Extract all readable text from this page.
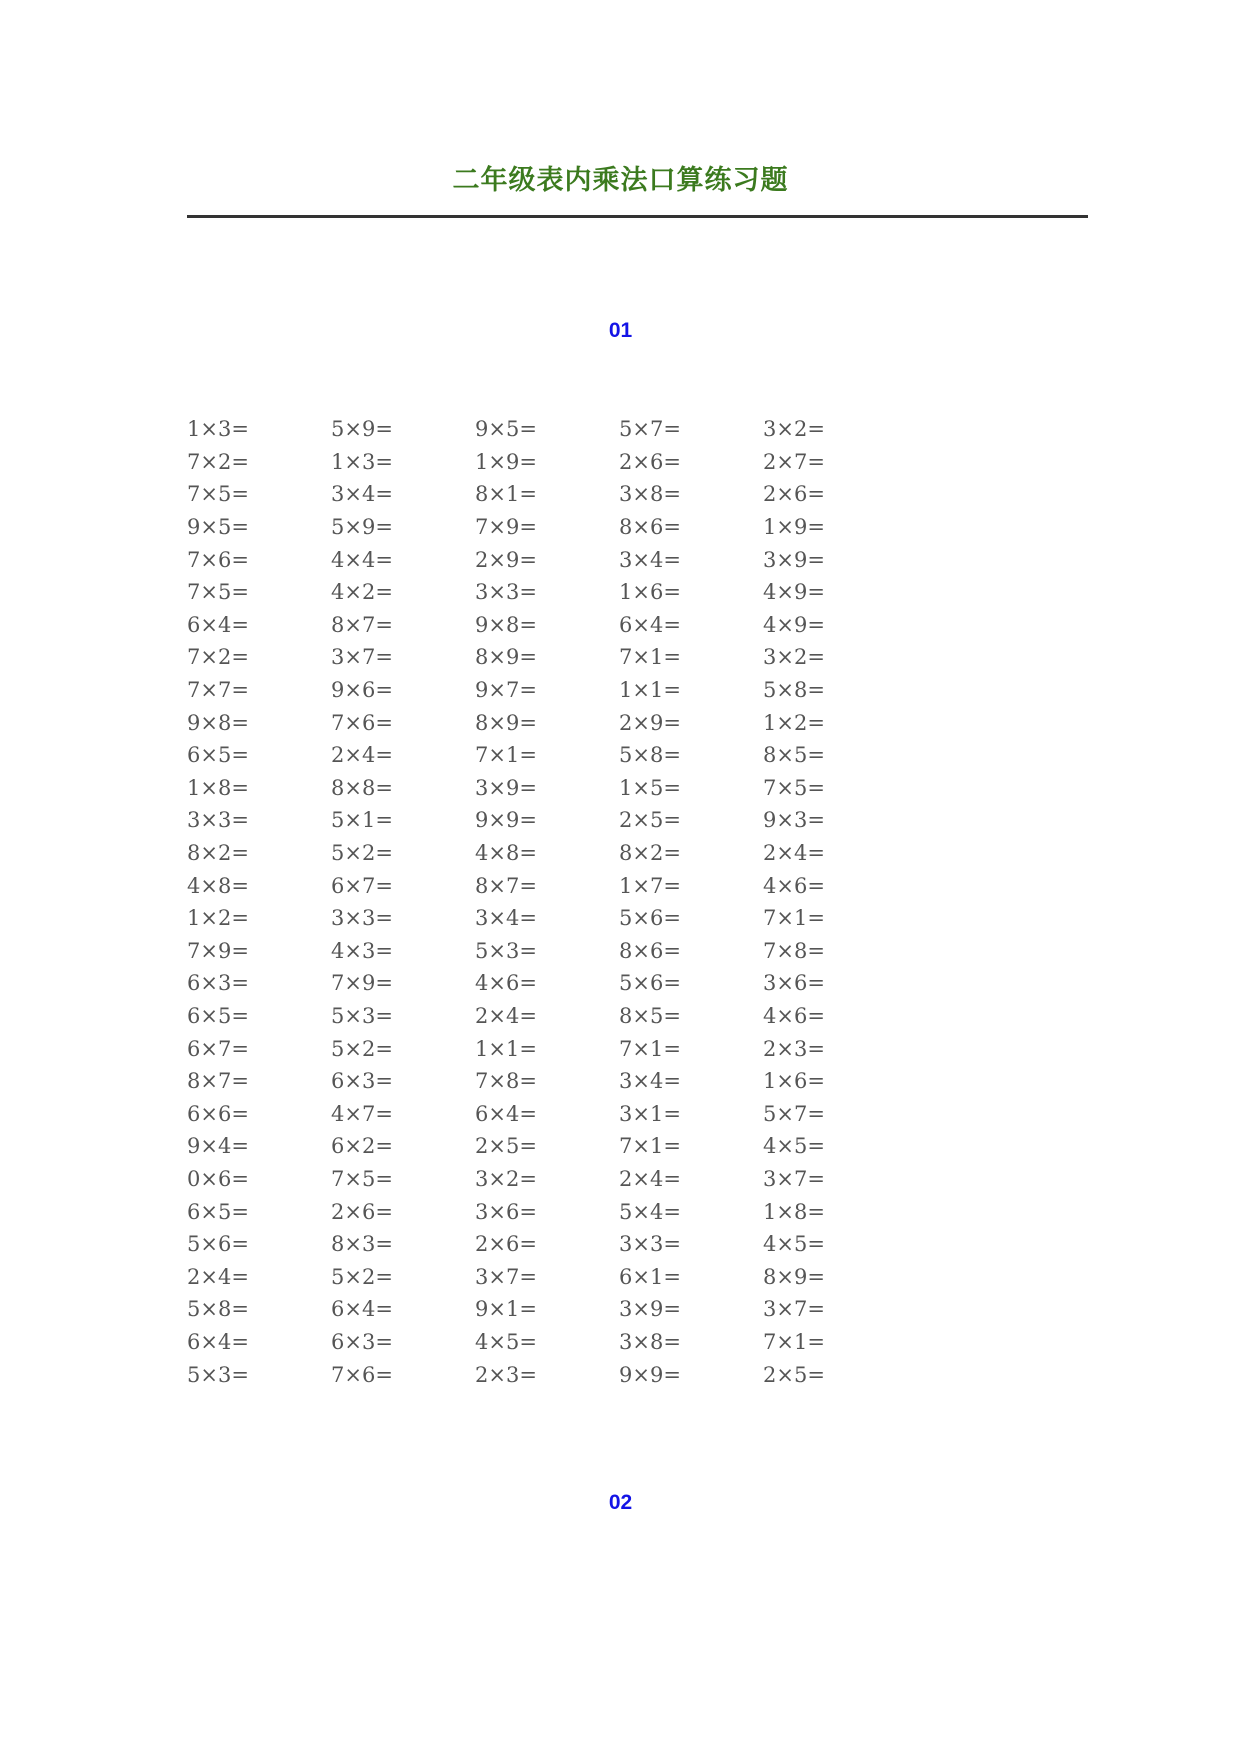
二年级表内乘法口算练习题
01
1×3=	5×9=	9×5=	5×7=	3×2=
7×2=	1×3=	1×9=	2×6=	2×7=
7×5=	3×4=	8×1=	3×8=	2×6=
9×5=	5×9=	7×9=	8×6=	1×9=
7×6=	4×4=	2×9=	3×4=	3×9=
7×5=	4×2=	3×3=	1×6=	4×9=
6×4=	8×7=	9×8=	6×4=	4×9=
7×2=	3×7=	8×9=	7×1=	3×2=
7×7=	9×6=	9×7=	1×1=	5×8=
9×8=	7×6=	8×9=	2×9=	1×2=
6×5=	2×4=	7×1=	5×8=	8×5=
1×8=	8×8=	3×9=	1×5=	7×5=
3×3=	5×1=	9×9=	2×5=	9×3=
8×2=	5×2=	4×8=	8×2=	2×4=
4×8=	6×7=	8×7=	1×7=	4×6=
1×2=	3×3=	3×4=	5×6=	7×1=
7×9=	4×3=	5×3=	8×6=	7×8=
6×3=	7×9=	4×6=	5×6=	3×6=
6×5=	5×3=	2×4=	8×5=	4×6=
6×7=	5×2=	1×1=	7×1=	2×3=
8×7=	6×3=	7×8=	3×4=	1×6=
6×6=	4×7=	6×4=	3×1=	5×7=
9×4=	6×2=	2×5=	7×1=	4×5=
0×6=	7×5=	3×2=	2×4=	3×7=
6×5=	2×6=	3×6=	5×4=	1×8=
5×6=	8×3=	2×6=	3×3=	4×5=
2×4=	5×2=	3×7=	6×1=	8×9=
5×8=	6×4=	9×1=	3×9=	3×7=
6×4=	6×3=	4×5=	3×8=	7×1=
5×3=	7×6=	2×3=	9×9=	2×5=
02
